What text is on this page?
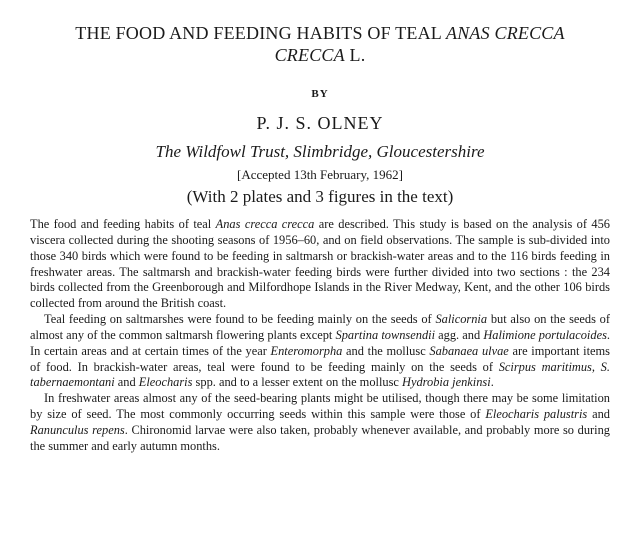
THE FOOD AND FEEDING HABITS OF TEAL ANAS CRECCA
CRECCA L.
BY
P. J. S. OLNEY
The Wildfowl Trust, Slimbridge, Gloucestershire
[Accepted 13th February, 1962]
(With 2 plates and 3 figures in the text)

The food and feeding habits of teal Anas crecca crecca are described. This study is based on the analysis of 456 viscera collected during the shooting seasons of 1956–60, and on field observations. The sample is sub-divided into those 340 birds which were found to be feeding in saltmarsh or brackish-water areas and to the 116 birds feeding in freshwater areas. The saltmarsh and brackish-water feeding birds were further divided into two sections : the 234 birds collected from the Greenborough and Milfordhope Islands in the River Medway, Kent, and the other 106 birds collected from around the British coast.

Teal feeding on saltmarshes were found to be feeding mainly on the seeds of Salicornia but also on the seeds of almost any of the common saltmarsh flowering plants except Spartina townsendii agg. and Halimione portulacoides. In certain areas and at certain times of the year Enteromorpha and the mollusc Sabanaea ulvae are important items of food. In brackish-water areas, teal were found to be feeding mainly on the seeds of Scirpus maritimus, S. tabernaemontani and Eleocharis spp. and to a lesser extent on the mollusc Hydrobia jenkinsi.

In freshwater areas almost any of the seed-bearing plants might be utilised, though there may be some limitation by size of seed. The most commonly occurring seeds within this sample were those of Eleocharis palustris and Ranunculus repens. Chironomid larvae were also taken, probably whenever available, and probably more so during the summer and early autumn months.
